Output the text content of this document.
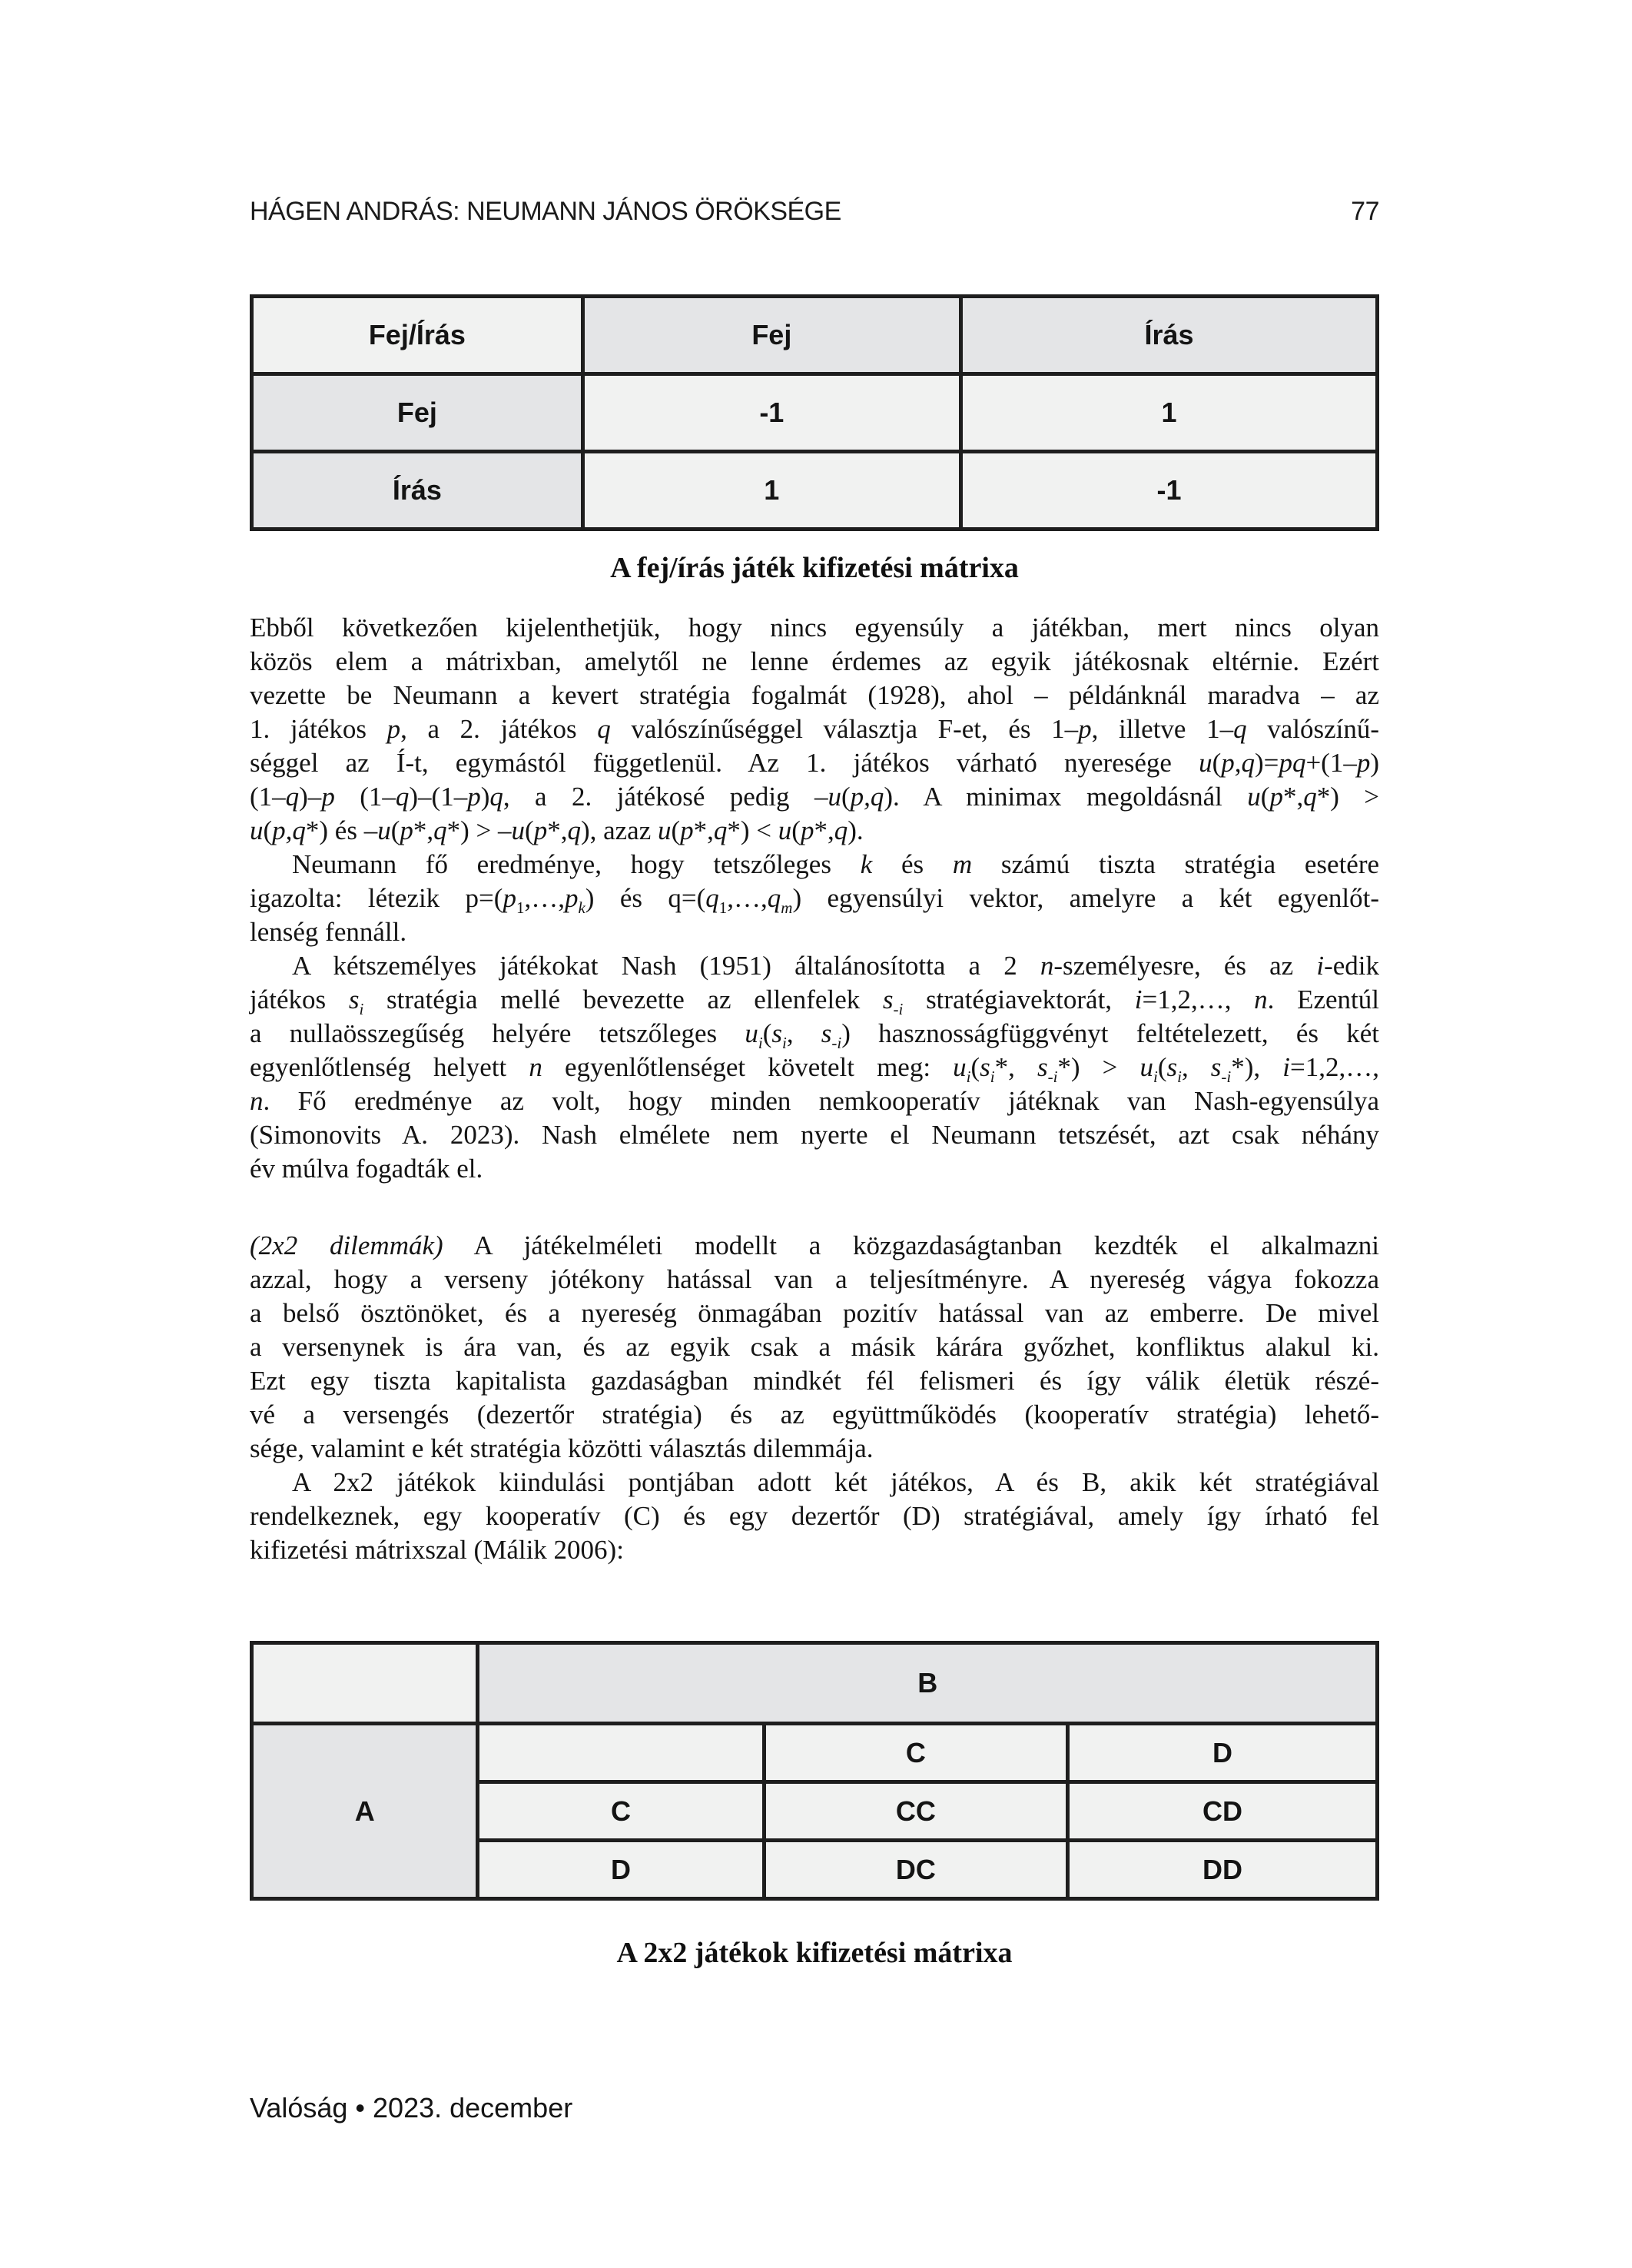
HÁGEN ANDRÁS: NEUMANN JÁNOS ÖRÖKSÉGE	77
Fej/Írás	Fej	Írás
Fej	-1	1
Írás	1	-1
A fej/írás játék kifizetési mátrixa
Ebből következően kijelenthetjük, hogy nincs egyensúly a játékban, mert nincs olyan
közös elem a mátrixban, amelytől ne lenne érdemes az egyik játékosnak eltérnie. Ezért
vezette be Neumann a kevert stratégia fogalmát (1928), ahol – példánknál maradva – az
1. játékos p, a 2. játékos q valószínűséggel választja F-et, és 1–p, illetve 1–q valószínű-
séggel az Í-t, egymástól függetlenül. Az 1. játékos várható nyeresége u(p,q)=pq+(1–p)
(1–q)–p (1–q)–(1–p)q, a 2. játékosé pedig –u(p,q). A minimax megoldásnál u(p*,q*) >
u(p,q*) és –u(p*,q*) > –u(p*,q), azaz u(p*,q*) < u(p*,q).
Neumann fő eredménye, hogy tetszőleges k és m számú tiszta stratégia esetére
igazolta: létezik $p=(p_1,\dots,p_k)$ és $q=(q_1,\dots,q_m)$ egyensúlyi vektor, amelyre a két egyenlőt-
lenség fennáll.
A kétszemélyes játékokat Nash (1951) általánosította a 2 n-személyesre, és az i-edik
játékos $s_i$ stratégia mellé bevezette az ellenfelek $s_{-i}$ stratégiavektorát, i=1,2,…, n. Ezentúl
a nullaösszegűség helyére tetszőleges $u_i(s_i$, $s_{-i}$) hasznosságfüggvényt feltételezett, és két
egyenlőtlenség helyett n egyenlőtlenséget követelt meg: $u_i(s_i*$, $s_{-i}*) > u_i(s_i$, $s_{-i}*$), i=1,2,…,
n. Fő eredménye az volt, hogy minden nemkooperatív játéknak van Nash-egyensúlya
(Simonovits A. 2023). Nash elmélete nem nyerte el Neumann tetszését, azt csak néhány
év múlva fogadták el.
(2x2 dilemmák) A játékelméleti modellt a közgazdaságtanban kezdték el alkalmazni
azzal, hogy a verseny jótékony hatással van a teljesítményre. A nyereség vágya fokozza
a belső ösztönöket, és a nyereség önmagában pozitív hatással van az emberre. De mivel
a versenynek is ára van, és az egyik csak a másik kárára győzhet, konfliktus alakul ki.
Ezt egy tiszta kapitalista gazdaságban mindkét fél felismeri és így válik életük részé-
vé a versengés (dezertőr stratégia) és az együttműködés (kooperatív stratégia) lehető-
sége, valamint e két stratégia közötti választás dilemmája.
A 2x2 játékok kiindulási pontjában adott két játékos, A és B, akik két stratégiával
rendelkeznek, egy kooperatív (C) és egy dezertőr (D) stratégiával, amely így írható fel
kifizetési mátrixszal (Málik 2006):
	B		
A		C	D
	C	CC	CD
	D	DC	DD
A 2x2 játékok kifizetési mátrixa
Valóság • 2023. december
